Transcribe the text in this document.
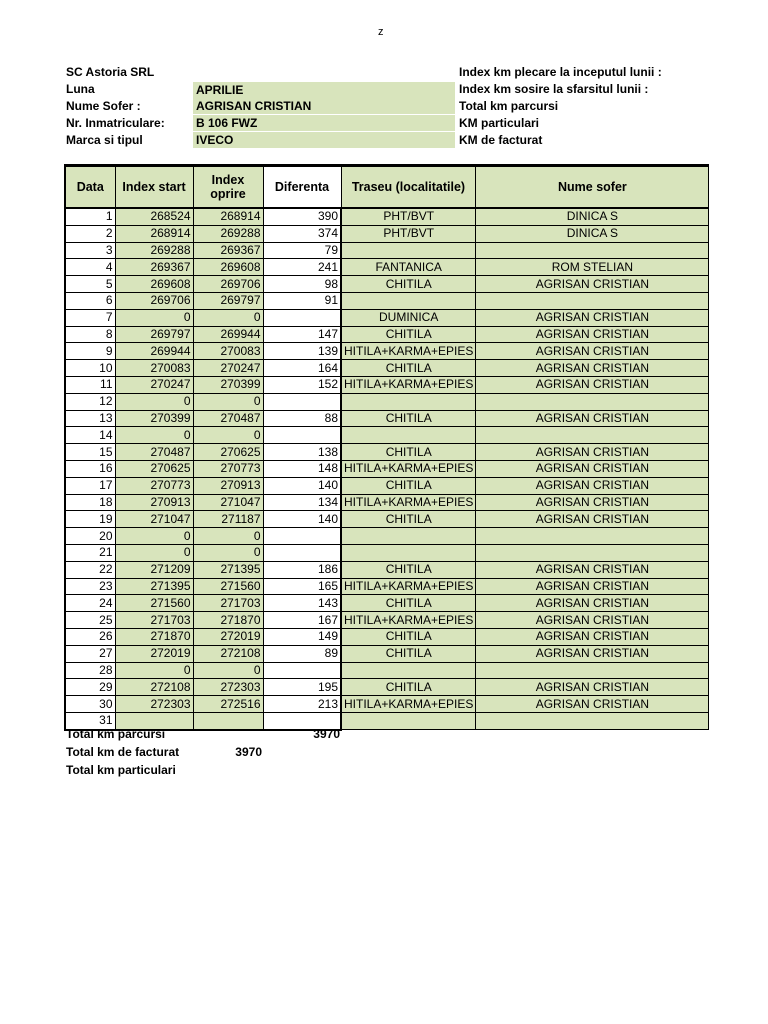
z
SC Astoria SRL
Luna	APRILIE
Nume Sofer :	AGRISAN CRISTIAN
Nr. Inmatriculare:	B 106 FWZ
Marca si tipul	IVECO
Index km plecare la inceputul lunii :
Index km sosire la sfarsitul lunii :
Total km parcursi
KM particulari
KM de facturat
Data	Index start	Index oprire	Diferenta	Traseu (localitatile)	Nume sofer
1	268524	268914	390	PHT/BVT	DINICA S
2	268914	269288	374	PHT/BVT	DINICA S
3	269288	269367	79		
4	269367	269608	241	FANTANICA	ROM STELIAN
5	269608	269706	98	CHITILA	AGRISAN CRISTIAN
6	269706	269797	91		
7	0	0		DUMINICA	AGRISAN CRISTIAN
8	269797	269944	147	CHITILA	AGRISAN CRISTIAN
9	269944	270083	139	HITILA+KARMA+EPIES	AGRISAN CRISTIAN
10	270083	270247	164	CHITILA	AGRISAN CRISTIAN
11	270247	270399	152	HITILA+KARMA+EPIES	AGRISAN CRISTIAN
12	0	0			
13	270399	270487	88	CHITILA	AGRISAN CRISTIAN
14	0	0			
15	270487	270625	138	CHITILA	AGRISAN CRISTIAN
16	270625	270773	148	HITILA+KARMA+EPIES	AGRISAN CRISTIAN
17	270773	270913	140	CHITILA	AGRISAN CRISTIAN
18	270913	271047	134	HITILA+KARMA+EPIES	AGRISAN CRISTIAN
19	271047	271187	140	CHITILA	AGRISAN CRISTIAN
20	0	0			
21	0	0			
22	271209	271395	186	CHITILA	AGRISAN CRISTIAN
23	271395	271560	165	HITILA+KARMA+EPIES	AGRISAN CRISTIAN
24	271560	271703	143	CHITILA	AGRISAN CRISTIAN
25	271703	271870	167	HITILA+KARMA+EPIES	AGRISAN CRISTIAN
26	271870	272019	149	CHITILA	AGRISAN CRISTIAN
27	272019	272108	89	CHITILA	AGRISAN CRISTIAN
28	0	0			
29	272108	272303	195	CHITILA	AGRISAN CRISTIAN
30	272303	272516	213	HITILA+KARMA+EPIES	AGRISAN CRISTIAN
31					
Total km parcursi	3970
Total km de facturat	3970
Total km particulari
